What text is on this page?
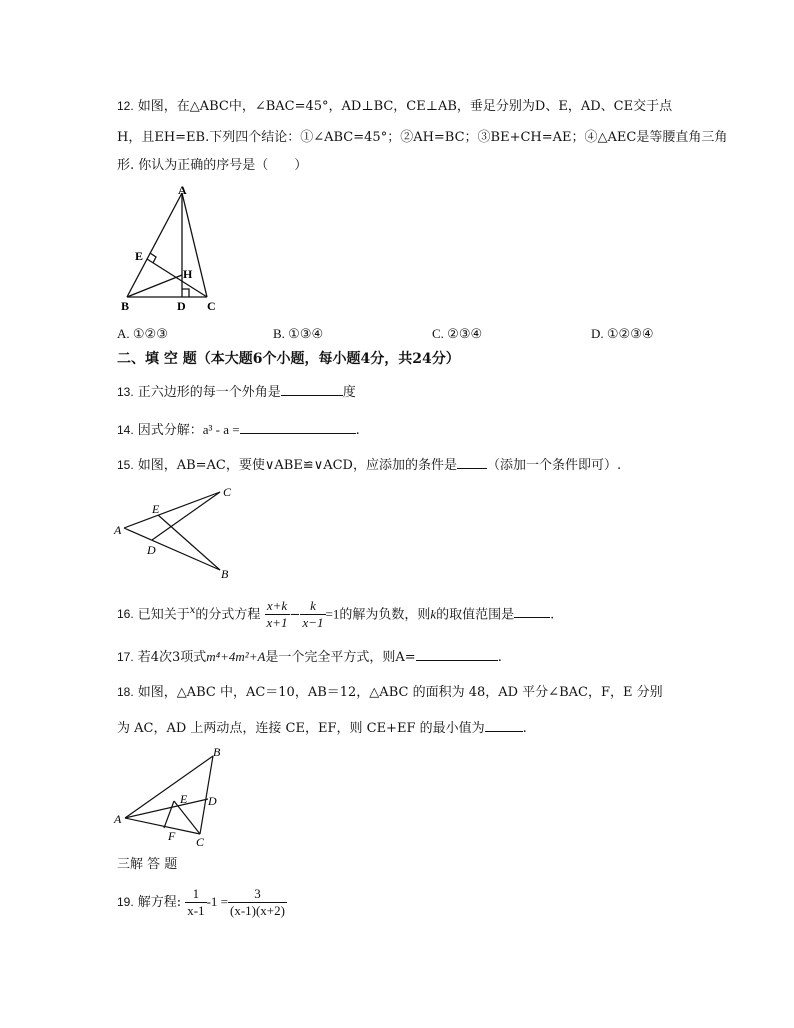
12. 如图，在△ABC中，∠BAC=45°，AD⊥BC，CE⊥AB，垂足分别为D、E，AD、CE交于点
H，且EH=EB.下列四个结论：①∠ABC=45°；②AH=BC；③BE+CH=AE；④△AEC是等腰直角三角
形. 你认为正确的序号是（　　）
A
B	D C
E
H
A. ①②③	B. ①③④	C. ②③④	D. ①②③④
二、填 空 题（本大题6个小题，每小题4分，共24分）
13. 正六边形的每一个外角是	度
14. 因式分解：a³ - a =	.
15. 如图，AB=AC，要使∨ABE≌∨ACD，应添加的条件是 （添加一个条件即可）.
A
C
B
E
D
16. 已知关于$^x$的分式方程 $\frac{x+k}{x+1} - \frac{k}{x-1} =1$的解为负数，则k的取值范围是	.
17. 若4次3项式m⁴+4m²+A是一个完全平方式，则A=	.
18. 如图，△ABC 中，AC＝10，AB＝12，△ABC 的面积为 48，AD 平分∠BAC，F，E 分别
为 AC，AD 上两动点，连接 CE，EF，则 CE+EF 的最小值为	.
A
B
D
E
F C
三解 答 题
19. 解方程: $\frac{1}{x-1} -1 = \frac{3}{(x-1)(x+2)}$
